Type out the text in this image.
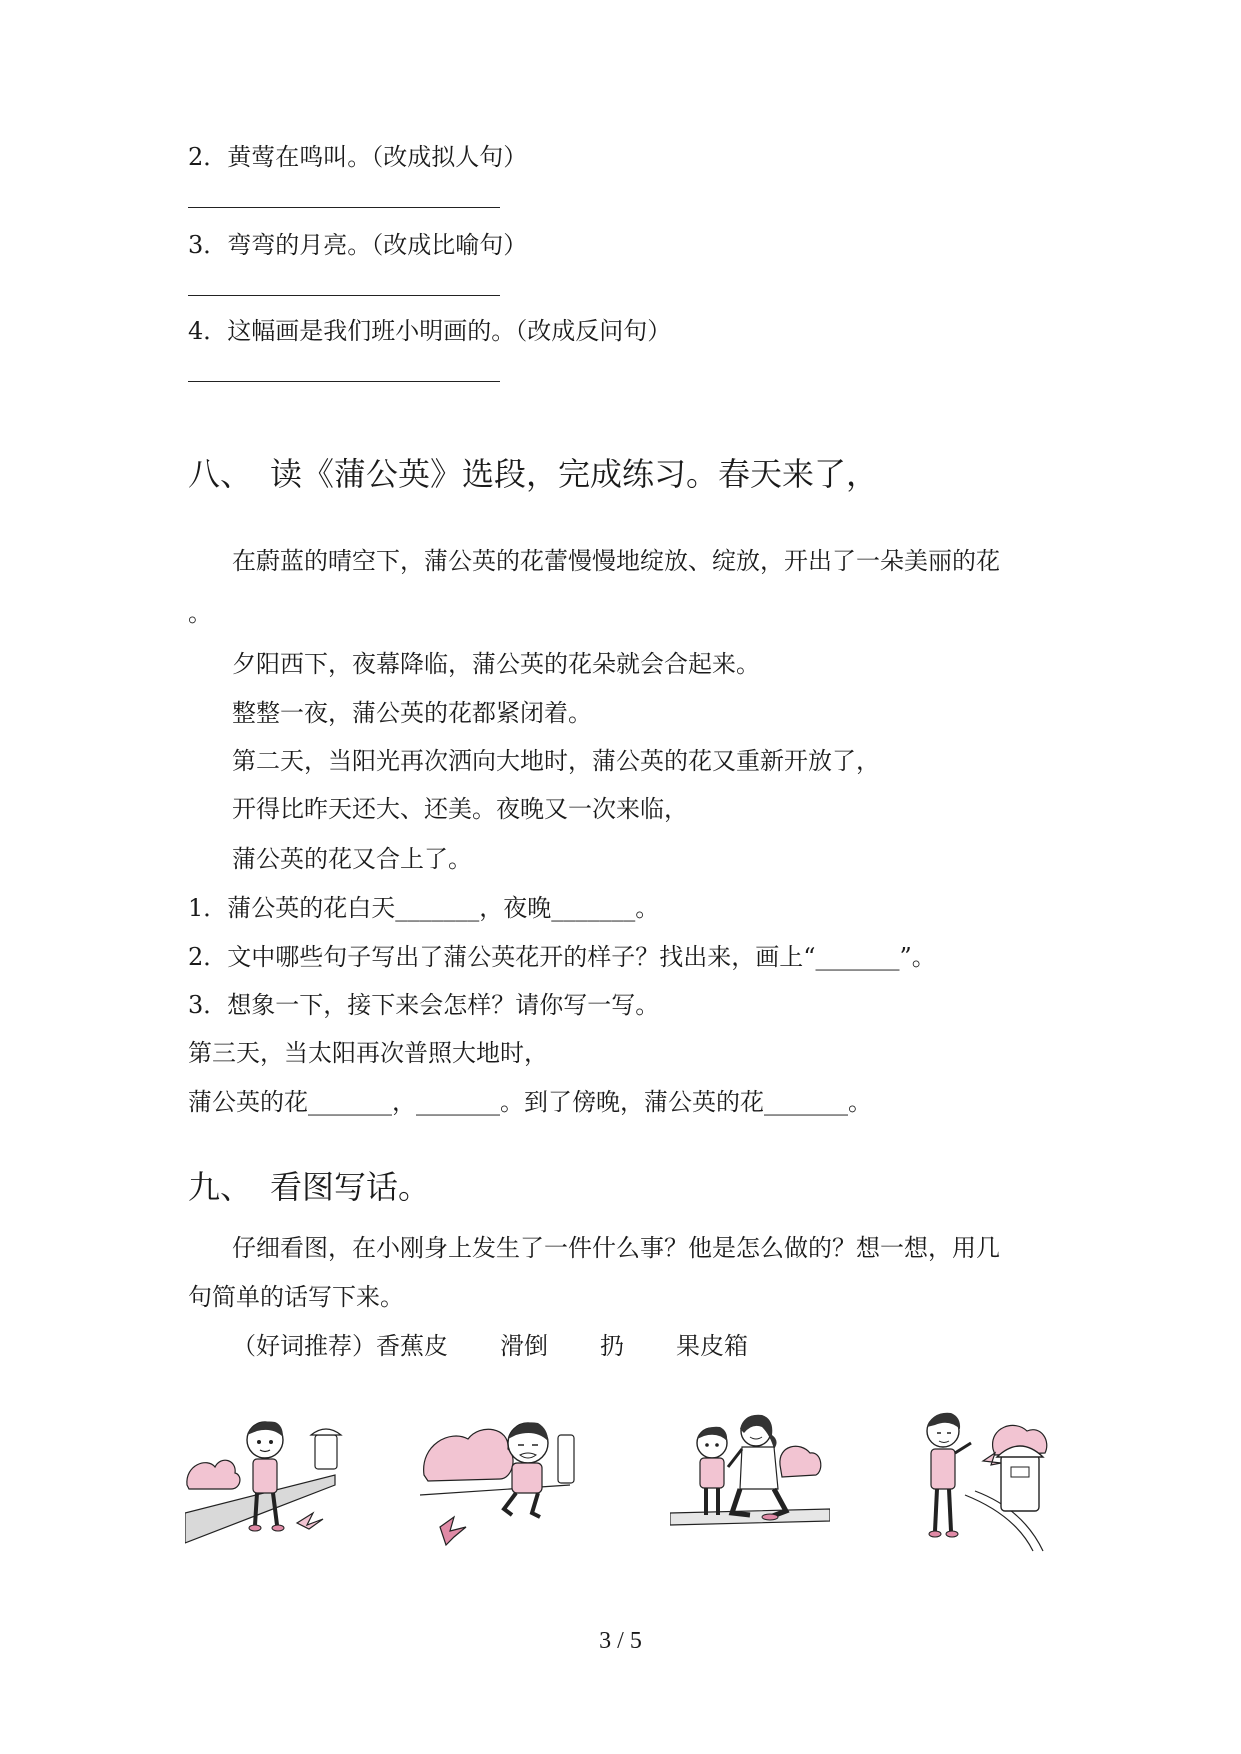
2．黄莺在鸣叫。（改成拟人句）
3．弯弯的月亮。（改成比喻句）
4．这幅画是我们班小明画的。（改成反问句）
八、 读《蒲公英》选段，完成练习。春天来了，
在蔚蓝的晴空下，蒲公英的花蕾慢慢地绽放、绽放，开出了一朵美丽的花
。
夕阳西下，夜幕降临，蒲公英的花朵就会合起来。
整整一夜，蒲公英的花都紧闭着。
第二天，当阳光再次洒向大地时，蒲公英的花又重新开放了，
开得比昨天还大、还美。夜晚又一次来临，
蒲公英的花又合上了。
1．蒲公英的花白天_______，夜晚_______。
2．文中哪些句子写出了蒲公英花开的样子？找出来，画上“_______”。
3．想象一下，接下来会怎样？请你写一写。
第三天，当太阳再次普照大地时，
蒲公英的花_______，_______。到了傍晚，蒲公英的花_______。
九、 看图写话。
仔细看图，在小刚身上发生了一件什么事？他是怎么做的？想一想，用几
句简单的话写下来。
（好词推荐）香蕉皮 滑倒 扔 果皮箱
3 / 5
